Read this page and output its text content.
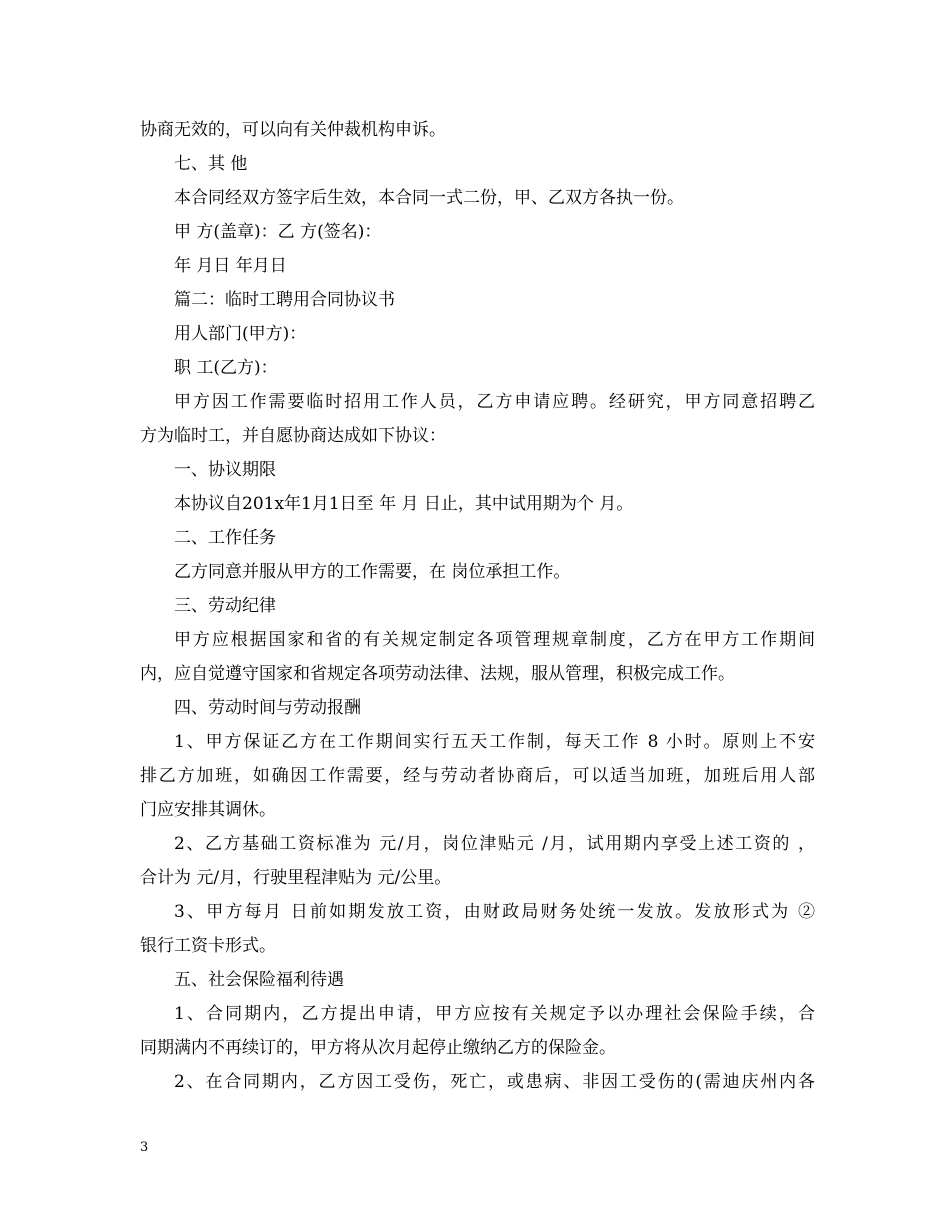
协商无效的，可以向有关仲裁机构申诉。

七、其 他

本合同经双方签字后生效，本合同一式二份，甲、乙双方各执一份。

甲 方(盖章)：乙 方(签名)：

年 月日 年月日

篇二：临时工聘用合同协议书

用人部门(甲方)：

职 工(乙方)：

甲方因工作需要临时招用工作人员，乙方申请应聘。经研究，甲方同意招聘乙

方为临时工，并自愿协商达成如下协议：

一、协议期限

本协议自201x年1月1日至 年 月 日止，其中试用期为个 月。

二、工作任务

乙方同意并服从甲方的工作需要，在 岗位承担工作。

三、劳动纪律

甲方应根据国家和省的有关规定制定各项管理规章制度，乙方在甲方工作期间

内，应自觉遵守国家和省规定各项劳动法律、法规，服从管理，积极完成工作。

四、劳动时间与劳动报酬

1、甲方保证乙方在工作期间实行五天工作制，每天工作 8 小时。原则上不安

排乙方加班，如确因工作需要，经与劳动者协商后，可以适当加班，加班后用人部

门应安排其调休。

2、乙方基础工资标准为 元/月，岗位津贴元 /月，试用期内享受上述工资的 ，

合计为 元/月，行驶里程津贴为 元/公里。

3、甲方每月 日前如期发放工资，由财政局财务处统一发放。发放形式为 ②

银行工资卡形式。

五、社会保险福利待遇

1、合同期内，乙方提出申请，甲方应按有关规定予以办理社会保险手续，合

同期满内不再续订的，甲方将从次月起停止缴纳乙方的保险金。

2、在合同期内，乙方因工受伤，死亡，或患病、非因工受伤的(需迪庆州内各

3
